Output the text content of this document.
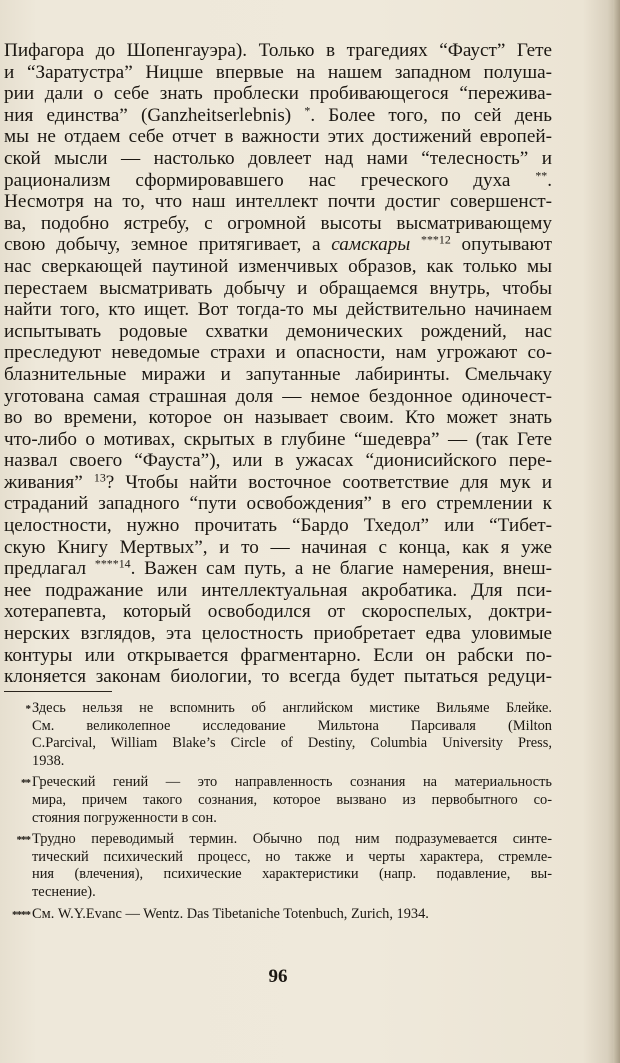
Пифагора до Шопенгауэра). Только в трагедиях “Фауст” Гете
и “Заратустра” Ницше впервые на нашем западном полуша-
рии дали о себе знать проблески пробивающегося “пережива-
ния единства” (Ganzheitserlebnis) *. Более того, по сей день
мы не отдаем себе отчет в важности этих достижений европей-
ской мысли — настолько довлеет над нами “телесность” и
рационализм сформировавшего нас греческого духа **.
Несмотря на то, что наш интеллект почти достиг совершенст-
ва, подобно ястребу, с огромной высоты высматривающему
свою добычу, земное притягивает, а самскары $^{***12}$ опутывают
нас сверкающей паутиной изменчивых образов, как только мы
перестаем высматривать добычу и обращаемся внутрь, чтобы
найти того, кто ищет. Вот тогда-то мы действительно начинаем
испытывать родовые схватки демонических рождений, нас
преследуют неведомые страхи и опасности, нам угрожают со-
блазнительные миражи и запутанные лабиринты. Смельчаку
уготована самая страшная доля — немое бездонное одиночест-
во во времени, которое он называет своим. Кто может знать
что-либо о мотивах, скрытых в глубине “шедевра” — (так Гете
назвал своего “Фауста”), или в ужасах “дионисийского пере-
живания” $^{13}$? Чтобы найти восточное соответствие для мук и
страданий западного “пути освобождения” в его стремлении к
целостности, нужно прочитать “Бардо Тхедол” или “Тибет-
скую Книгу Мертвых”, и то — начиная с конца, как я уже
предлагал $^{****14}$. Важен сам путь, а не благие намерения, внеш-
нее подражание или интеллектуальная акробатика. Для пси-
хотерапевта, который освободился от скороспелых, доктри-
нерских взглядов, эта целостность приобретает едва уловимые
контуры или открывается фрагментарно. Если он рабски по-
клоняется законам биологии, то всегда будет пытаться редуци-
* Здесь нельзя не вспомнить об английском мистике Вильяме Блейке.
См. великолепное исследование Мильтона Парсиваля (Milton
C.Parcival, William Blake’s Circle of Destiny, Columbia University Press,
1938.
** Греческий гений — это направленность сознания на материальность
мира, причем такого сознания, которое вызвано из первобытного со-
стояния погруженности в сон.
*** Трудно переводимый термин. Обычно под ним подразумевается синте-
тический психический процесс, но также и черты характера, стремле-
ния (влечения), психические характеристики (напр. подавление, вы-
теснение).
**** См. W.Y.Evanc — Wentz. Das Tibetaniche Totenbuch, Zurich, 1934.
96
